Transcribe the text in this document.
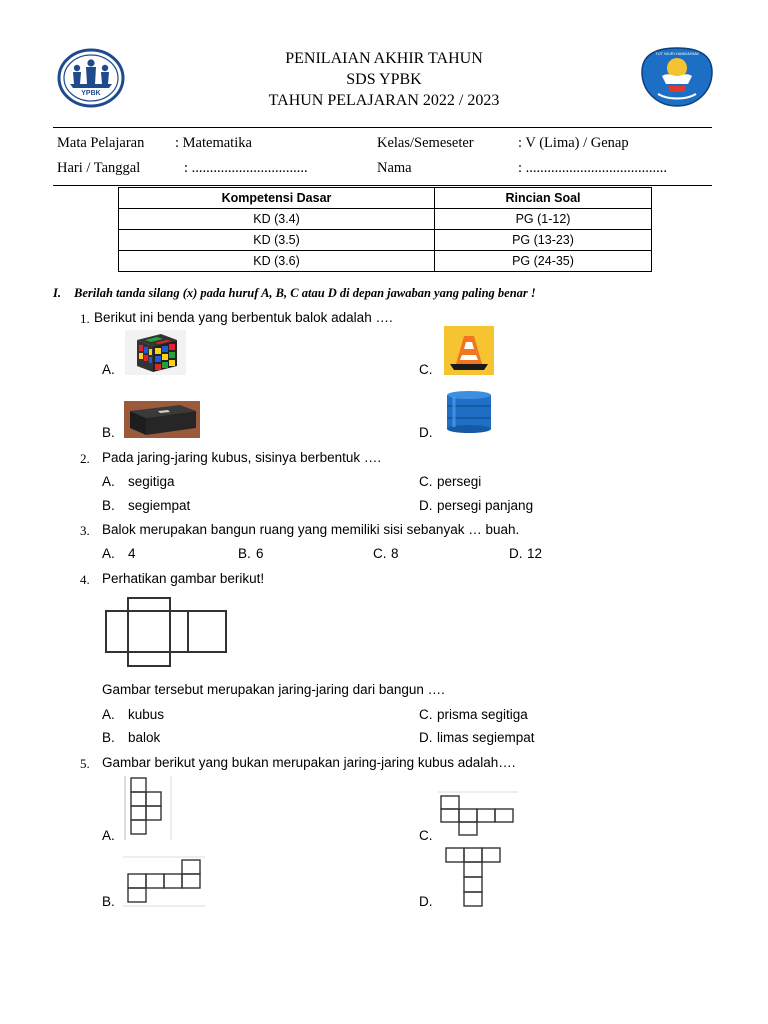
YPBK
PENILAIAN AKHIR TAHUN
SDS YPBK
TAHUN PELAJARAN 2022 / 2023
TUT WURI HANDAYANI
Mata Pelajaran : Matematika	Kelas/Semeseter	: V (Lima) / Genap
Hari / Tanggal	: ................................	Nama	: .......................................
Kompetensi Dasar	Rincian Soal
KD (3.4)	PG (1-12)
KD (3.5)	PG (13-23)
KD (3.6)	PG (24-35)
I. Berilah tanda silang (x) pada huruf A, B, C atau D di depan jawaban yang paling benar !
1. Berikut ini benda yang berbentuk balok adalah ….
A.	C.
B.	D.
2. Pada jaring-jaring kubus, sisinya berbentuk ….
A. segitiga	C. persegi
B. segiempat	D. persegi panjang
3. Balok merupakan bangun ruang yang memiliki sisi sebanyak … buah.
A. 4	B. 6	C. 8	D. 12
4. Perhatikan gambar berikut!
Gambar tersebut merupakan jaring-jaring dari bangun ….
A. kubus	C. prisma segitiga
B. balok	D. limas segiempat
5. Gambar berikut yang bukan merupakan jaring-jaring kubus adalah….
A.	C.
B.	D.
